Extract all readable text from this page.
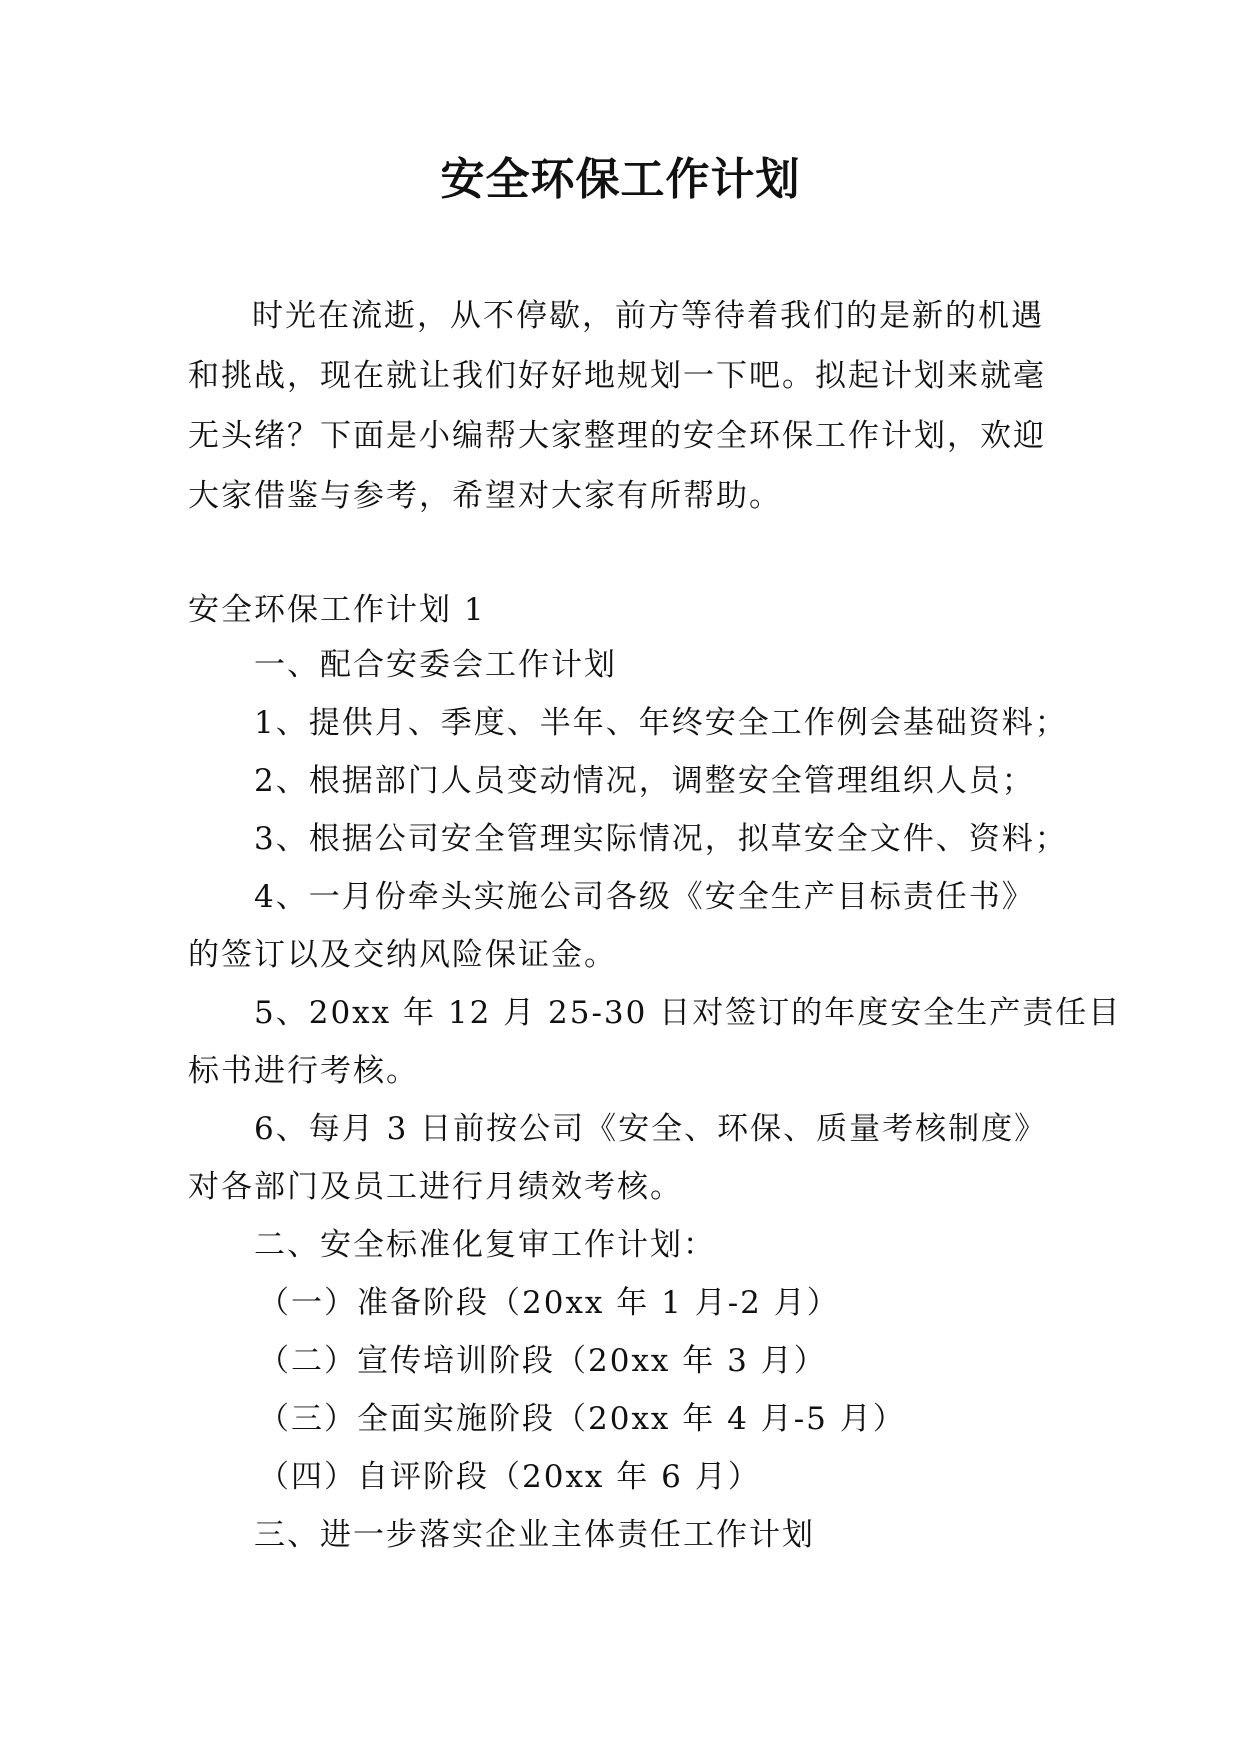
安全环保工作计划

时光在流逝，从不停歇，前方等待着我们的是新的机遇和挑战，现在就让我们好好地规划一下吧。拟起计划来就毫无头绪？下面是小编帮大家整理的安全环保工作计划，欢迎大家借鉴与参考，希望对大家有所帮助。

安全环保工作计划 1

一、配合安委会工作计划

1、提供月、季度、半年、年终安全工作例会基础资料；

2、根据部门人员变动情况，调整安全管理组织人员；

3、根据公司安全管理实际情况，拟草安全文件、资料；

4、一月份牵头实施公司各级《安全生产目标责任书》

的签订以及交纳风险保证金。

5、20xx 年 12 月 25-30 日对签订的年度安全生产责任目

标书进行考核。

6、每月 3 日前按公司《安全、环保、质量考核制度》

对各部门及员工进行月绩效考核。

二、安全标准化复审工作计划：

（一）准备阶段（20xx 年 1 月-2 月）

（二）宣传培训阶段（20xx 年 3 月）

（三）全面实施阶段（20xx 年 4 月-5 月）

（四）自评阶段（20xx 年 6 月）

三、进一步落实企业主体责任工作计划
